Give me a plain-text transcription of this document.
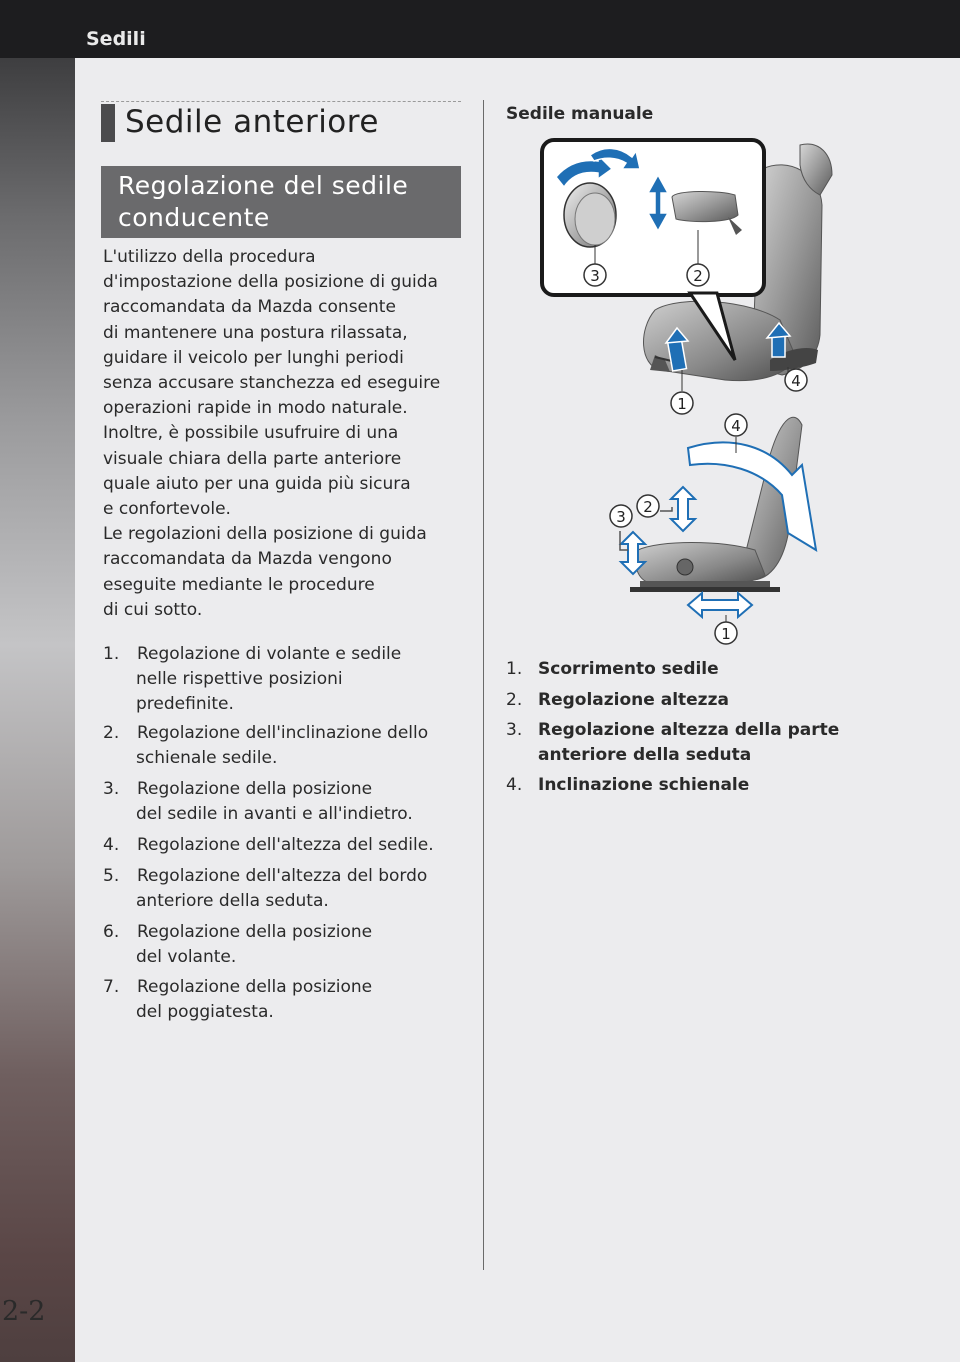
Sedili
2-2
Sedile anteriore
Regolazione del sedile
conducente
L'utilizzo della procedura
d'impostazione della posizione di guida
raccomandata da Mazda consente
di mantenere una postura rilassata,
guidare il veicolo per lunghi periodi
senza accusare stanchezza ed eseguire
operazioni rapide in modo naturale.
Inoltre, è possibile usufruire di una
visuale chiara della parte anteriore
quale aiuto per una guida più sicura
e confortevole.
Le regolazioni della posizione di guida
raccomandata da Mazda vengono
eseguite mediante le procedure
di cui sotto.
1. Regolazione di volante e sedile
nelle rispettive posizioni
predefinite.
2. Regolazione dell'inclinazione dello
schienale sedile.
3. Regolazione della posizione
del sedile in avanti e all'indietro.
4. Regolazione dell'altezza del sedile.
5. Regolazione dell'altezza del bordo
anteriore della seduta.
6. Regolazione della posizione
del volante.
7. Regolazione della posizione
del poggiatesta.
Sedile manuale
1
4
3	2
4
2
3
1
1. Scorrimento sedile
2. Regolazione altezza
3. Regolazione altezza della parte
anteriore della seduta
4. Inclinazione schienale
